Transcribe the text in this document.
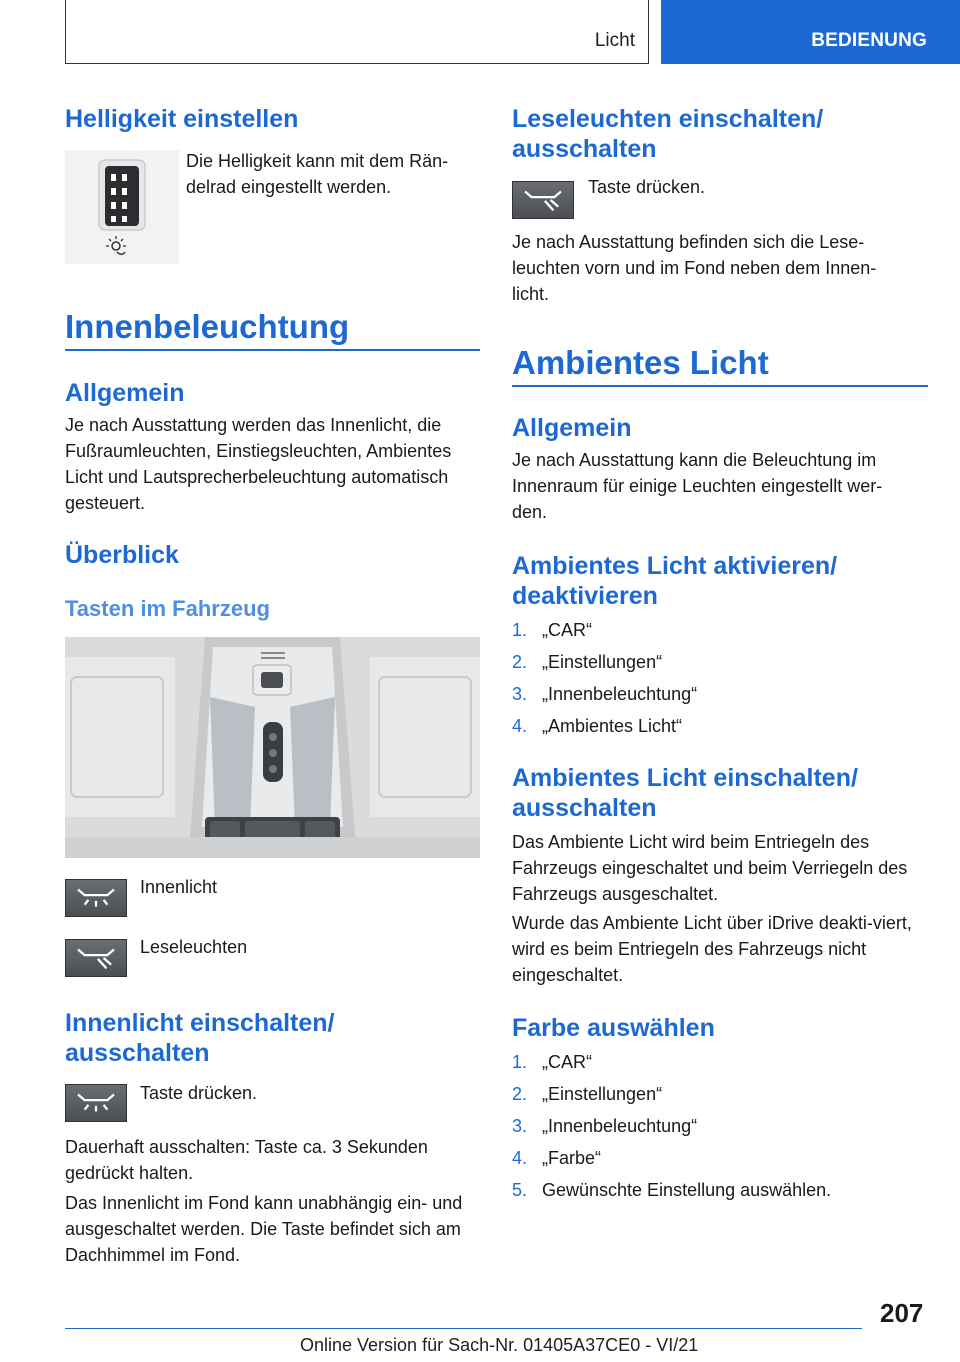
Licht	BEDIENUNG
Helligkeit einstellen
Die Helligkeit kann mit dem Rän-
delrad eingestellt werden.
Innenbeleuchtung
Allgemein
Je nach Ausstattung werden das Innenlicht, die Fußraumleuchten, Einstiegsleuchten, Ambientes Licht und Lautsprecherbeleuchtung automatisch gesteuert.
Überblick
Tasten im Fahrzeug
Innenlicht
Leseleuchten
Innenlicht einschalten/ ausschalten
Taste drücken.
Dauerhaft ausschalten: Taste ca. 3 Sekunden gedrückt halten.
Das Innenlicht im Fond kann unabhängig ein- und ausgeschaltet werden. Die Taste befindet sich am Dachhimmel im Fond.
Leseleuchten einschalten/ ausschalten
Taste drücken.
Je nach Ausstattung befinden sich die Lese-leuchten vorn und im Fond neben dem Innen-licht.
Ambientes Licht
Allgemein
Je nach Ausstattung kann die Beleuchtung im Innenraum für einige Leuchten eingestellt wer-den.
Ambientes Licht aktivieren/ deaktivieren
1. „CAR“
2. „Einstellungen“
3. „Innenbeleuchtung“
4. „Ambientes Licht“
Ambientes Licht einschalten/ ausschalten
Das Ambiente Licht wird beim Entriegeln des Fahrzeugs eingeschaltet und beim Verriegeln des Fahrzeugs ausgeschaltet.
Wurde das Ambiente Licht über iDrive deakti-viert, wird es beim Entriegeln des Fahrzeugs nicht eingeschaltet.
Farbe auswählen
1. „CAR“
2. „Einstellungen“
3. „Innenbeleuchtung“
4. „Farbe“
5. Gewünschte Einstellung auswählen.
207
Online Version für Sach-Nr. 01405A37CE0 - VI/21
